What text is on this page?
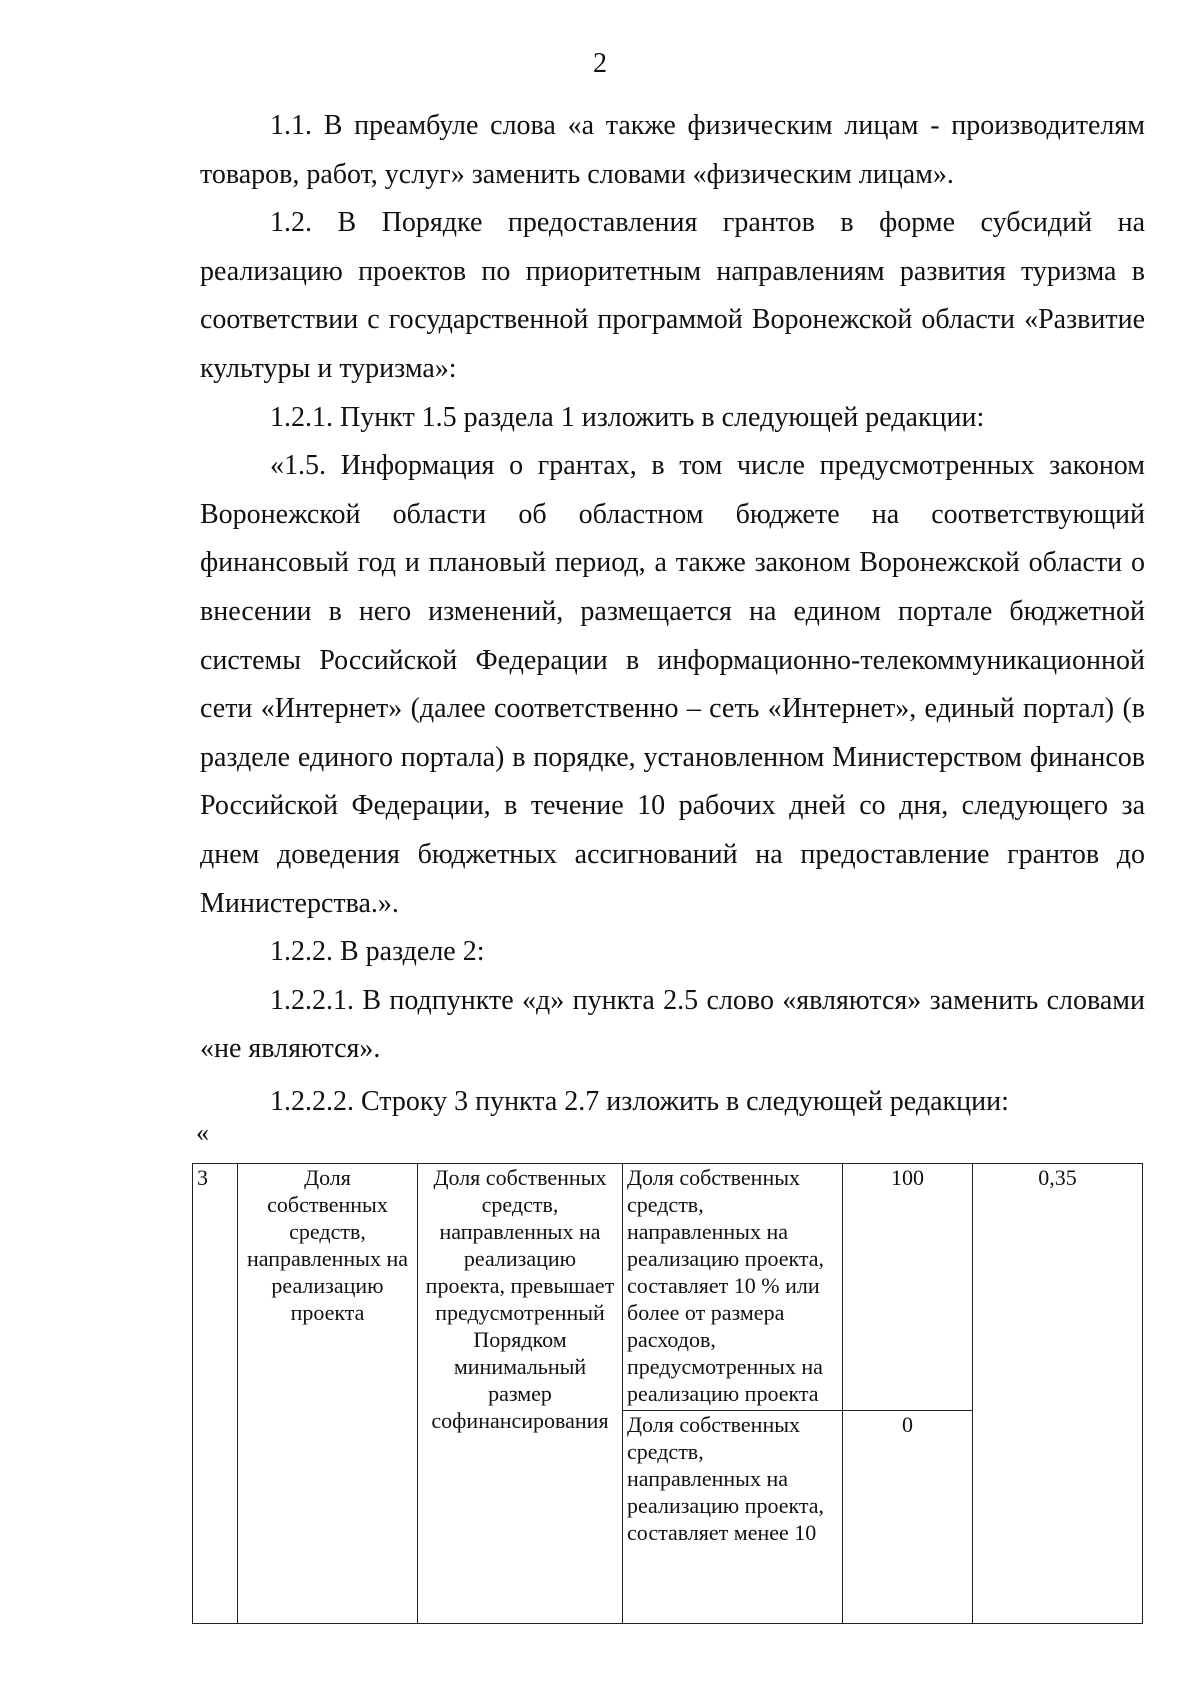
2

1.1. В преамбуле слова «а также физическим лицам - производителям товаров, работ, услуг» заменить словами «физическим лицам».

1.2. В Порядке предоставления грантов в форме субсидий на реализацию проектов по приоритетным направлениям развития туризма в соответствии с государственной программой Воронежской области «Развитие культуры и туризма»:

1.2.1. Пункт 1.5 раздела 1 изложить в следующей редакции:

«1.5. Информация о грантах, в том числе предусмотренных законом Воронежской области об областном бюджете на соответствующий финансовый год и плановый период, а также законом Воронежской области о внесении в него изменений, размещается на едином портале бюджетной системы Российской Федерации в информационно-телекоммуникационной сети «Интернет» (далее соответственно – сеть «Интернет», единый портал) (в разделе единого портала) в порядке, установленном Министерством финансов Российской Федерации, в течение 10 рабочих дней со дня, следующего за днем доведения бюджетных ассигнований на предоставление грантов до Министерства.».

1.2.2. В разделе 2:

1.2.2.1. В подпункте «д» пункта 2.5 слово «являются» заменить словами «не являются».

1.2.2.2. Строку 3 пункта 2.7 изложить в следующей редакции:

«
3	Доля собственных средств, направленных на реализацию проекта	Доля собственных средств, направленных на реализацию проекта, превышает предусмотренный Порядком минимальный размер софинансирования	Доля собственных средств, направленных на реализацию проекта, составляет 10 % или более от размера расходов, предусмотренных на реализацию проекта	100	0,35
			Доля собственных средств, направленных на реализацию проекта, составляет менее 10	0	
